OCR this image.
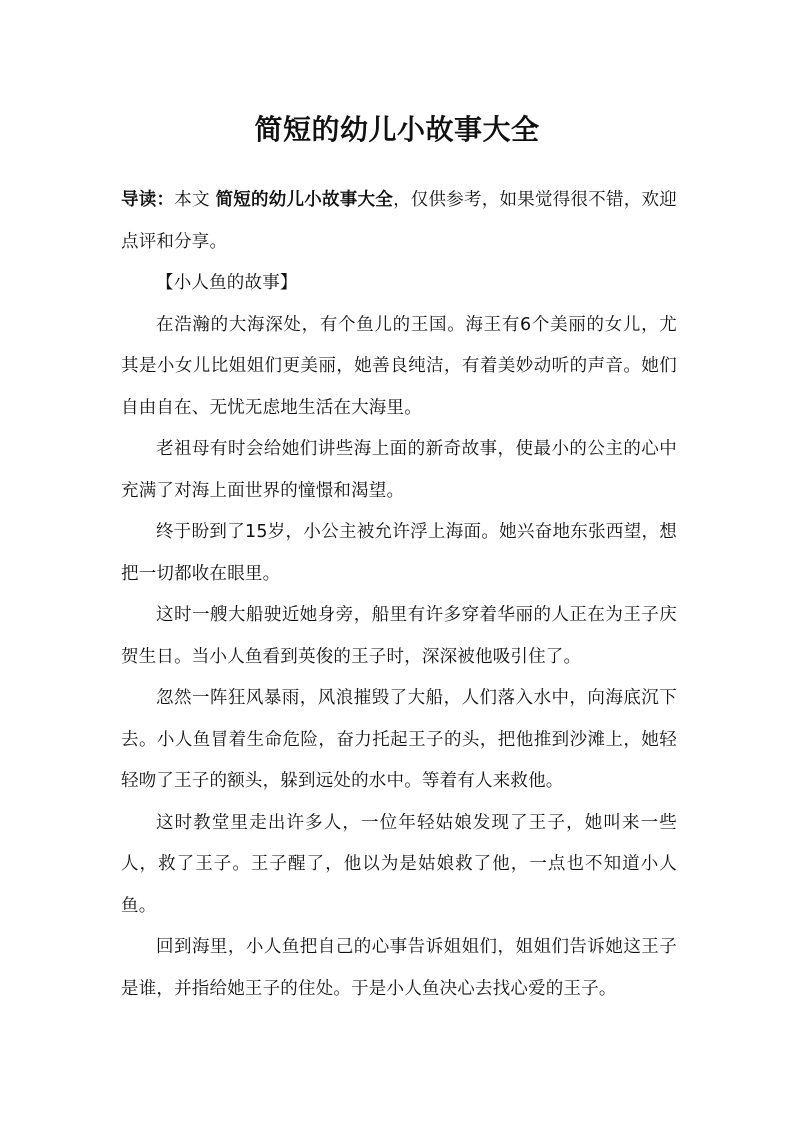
简短的幼儿小故事大全

导读：本文 简短的幼儿小故事大全，仅供参考，如果觉得很不错，欢迎点评和分享。

【小人鱼的故事】

在浩瀚的大海深处，有个鱼儿的王国。海王有6个美丽的女儿，尤其是小女儿比姐姐们更美丽，她善良纯洁，有着美妙动听的声音。她们自由自在、无忧无虑地生活在大海里。

老祖母有时会给她们讲些海上面的新奇故事，使最小的公主的心中充满了对海上面世界的憧憬和渴望。

终于盼到了15岁，小公主被允许浮上海面。她兴奋地东张西望，想把一切都收在眼里。

这时一艘大船驶近她身旁，船里有许多穿着华丽的人正在为王子庆贺生日。当小人鱼看到英俊的王子时，深深被他吸引住了。

忽然一阵狂风暴雨，风浪摧毁了大船，人们落入水中，向海底沉下去。小人鱼冒着生命危险，奋力托起王子的头，把他推到沙滩上，她轻轻吻了王子的额头，躲到远处的水中。等着有人来救他。

这时教堂里走出许多人，一位年轻姑娘发现了王子，她叫来一些人，救了王子。王子醒了，他以为是姑娘救了他，一点也不知道小人鱼。

回到海里，小人鱼把自己的心事告诉姐姐们，姐姐们告诉她这王子是谁，并指给她王子的住处。于是小人鱼决心去找心爱的王子。
